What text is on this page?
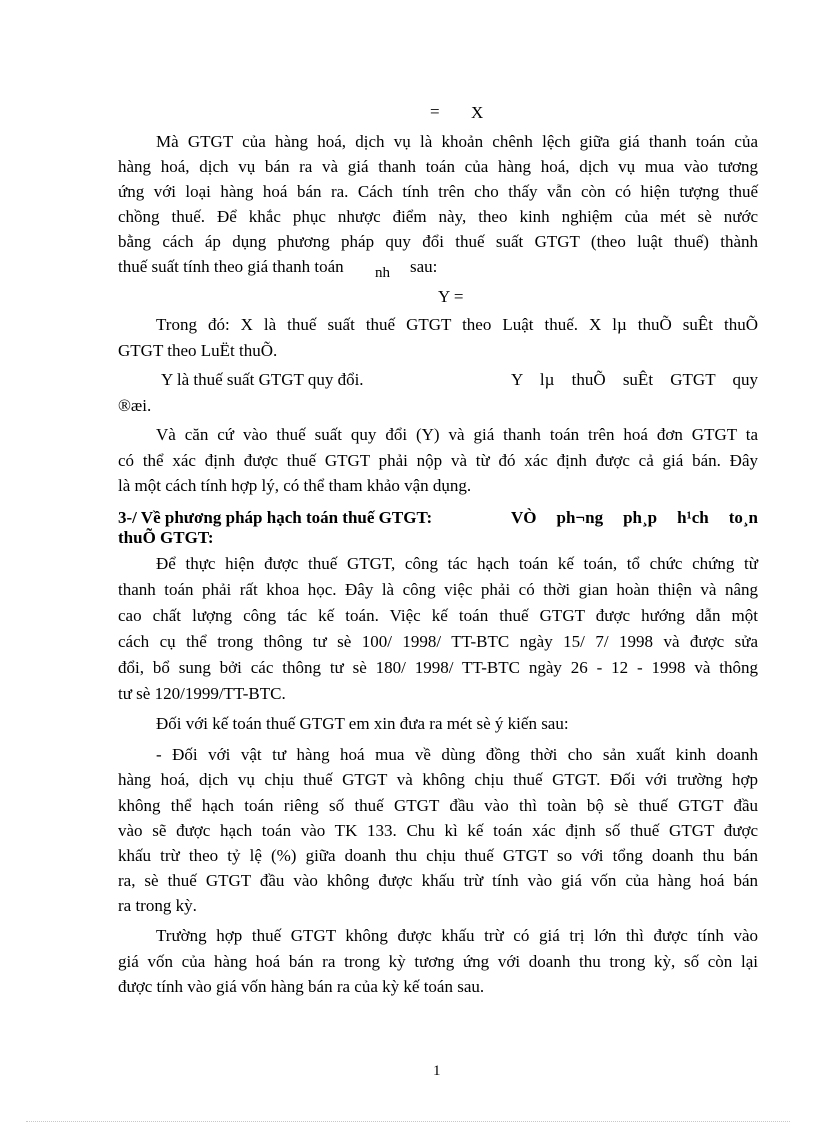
= X
Mà GTGT của hàng hoá, dịch vụ là khoản chênh lệch giữa giá thanh toán của
hàng hoá, dịch vụ bán ra và giá thanh toán của hàng hoá, dịch vụ mua vào tương
ứng với loại hàng hoá bán ra. Cách tính trên cho thấy vẫn còn có hiện tượng thuế
chồng thuế. Để khắc phục nhược điểm này, theo kinh nghiệm của mét sè nước
bằng cách áp dụng phương pháp quy đổi thuế suất GTGT (theo luật thuế) thành
thuế suất tính theo giá thanh toán	nh sau:
Y =
Trong đó: X là thuế suất thuế GTGT theo Luật thuế. X lµ thuÕ suÊt thuÕ
GTGT theo LuËt thuÕ.
Y là thuế suất GTGT quy đổi.	Y lµ thuÕ suÊt GTGT quy
®æi.
Và căn cứ vào thuế suất quy đổi (Y) và giá thanh toán trên hoá đơn GTGT ta
có thể xác định được thuế GTGT phải nộp và từ đó xác định được cả giá bán. Đây
là một cách tính hợp lý, có thể tham khảo vận dụng.
3-/ Về phương pháp hạch toán thuế GTGT:	VÒ ph¬ng ph¸p h¹ch to¸n
thuÕ GTGT:
Để thực hiện được thuế GTGT, công tác hạch toán kế toán, tổ chức chứng từ
thanh toán phải rất khoa học. Đây là công việc phải có thời gian hoàn thiện và nâng
cao chất lượng công tác kế toán. Việc kế toán thuế GTGT được hướng dẫn một
cách cụ thể trong thông tư sè 100/ 1998/ TT-BTC ngày 15/ 7/ 1998 và được sửa
đổi, bổ sung bởi các thông tư sè 180/ 1998/ TT-BTC ngày 26 - 12 - 1998 và thông
tư sè 120/1999/TT-BTC.
Đối với kế toán thuế GTGT em xin đưa ra mét sè ý kiến sau:
- Đối với vật tư hàng hoá mua về dùng đồng thời cho sản xuất kinh doanh
hàng hoá, dịch vụ chịu thuế GTGT và không chịu thuế GTGT. Đối với trường hợp
không thể hạch toán riêng số thuế GTGT đầu vào thì toàn bộ sè thuế GTGT đầu
vào sẽ được hạch toán vào TK 133. Chu kì kế toán xác định số thuế GTGT được
khấu trừ theo tỷ lệ (%) giữa doanh thu chịu thuế GTGT so với tổng doanh thu bán
ra, sè thuế GTGT đầu vào không được khấu trừ tính vào giá vốn của hàng hoá bán
ra trong kỳ.
Trường hợp thuế GTGT không được khấu trừ có giá trị lớn thì được tính vào
giá vốn của hàng hoá bán ra trong kỳ tương ứng với doanh thu trong kỳ, số còn lại
được tính vào giá vốn hàng bán ra của kỳ kế toán sau.
1
